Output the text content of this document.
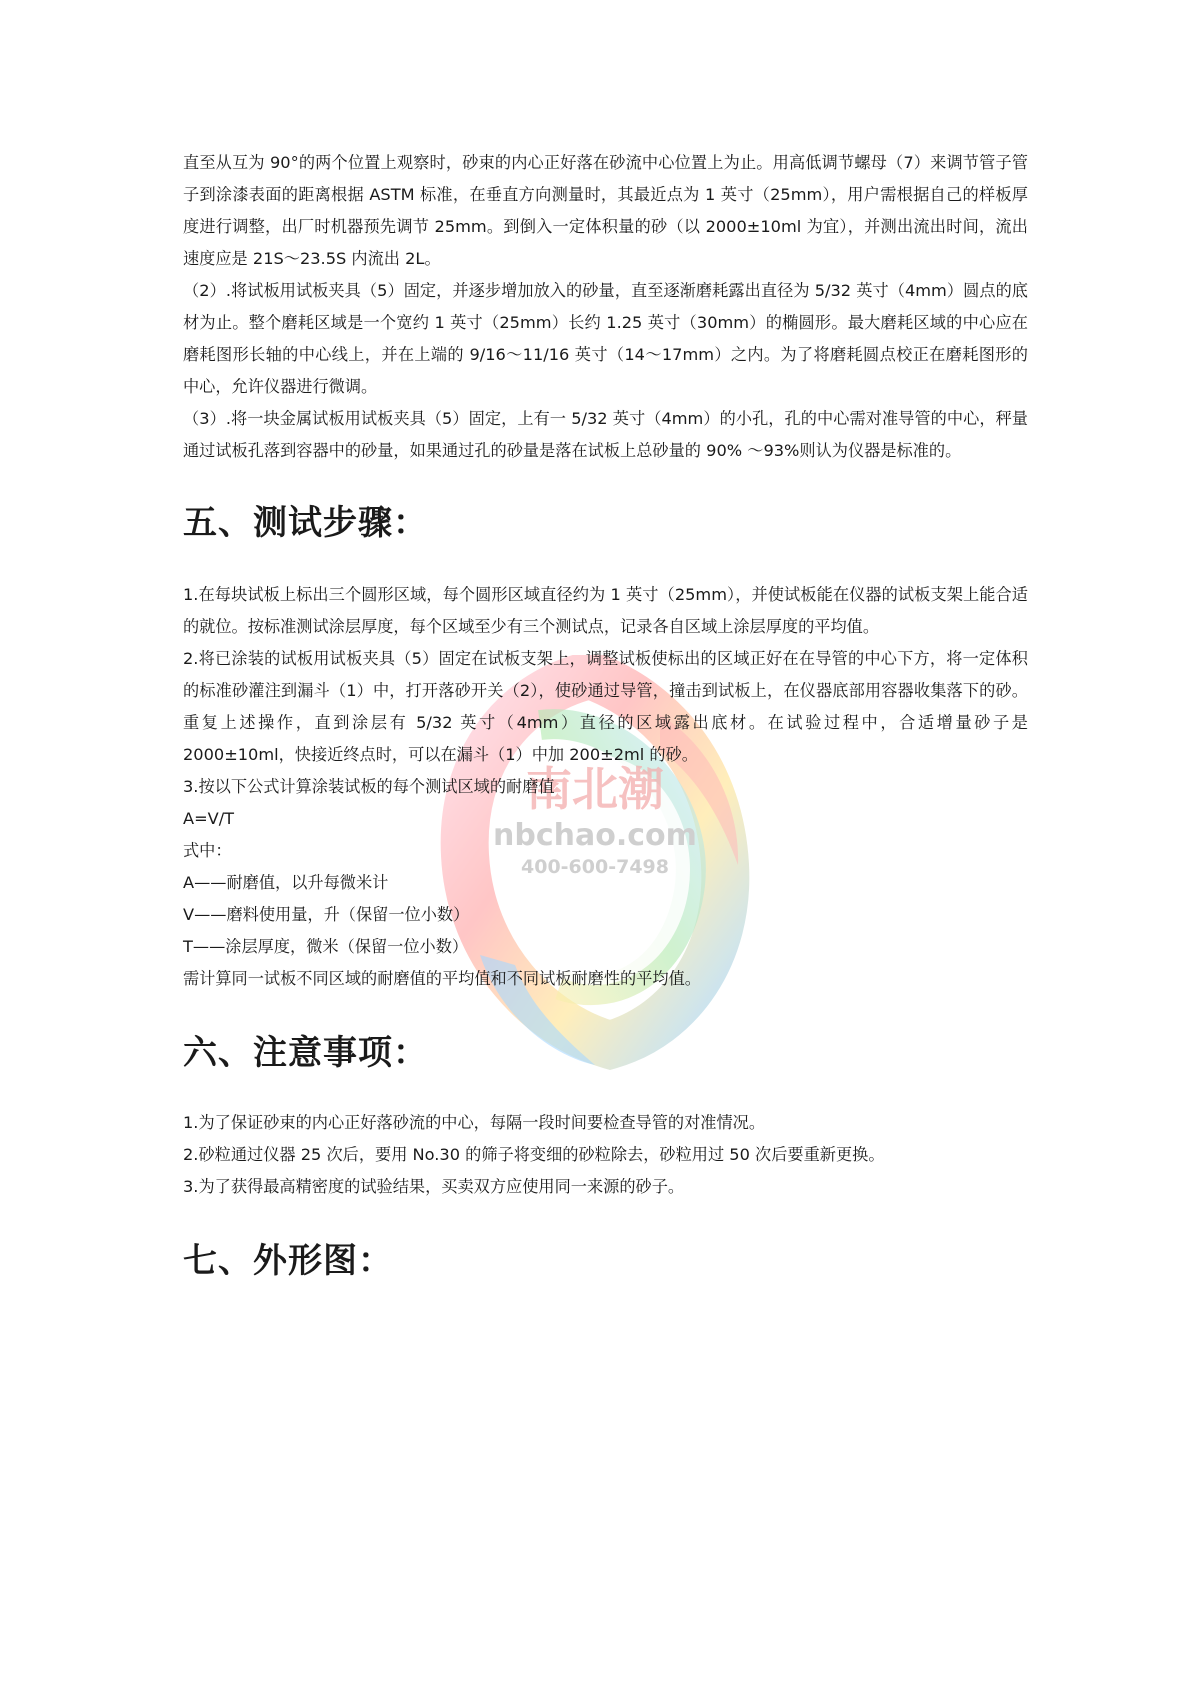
南北潮
nbchao.com
400-600-7498

直至从互为 90°的两个位置上观察时，砂束的内心正好落在砂流中心位置上为止。用高低调节螺母（7）来调节管子管子到涂漆表面的距离根据 ASTM 标准，在垂直方向测量时，其最近点为 1 英寸（25mm），用户需根据自己的样板厚度进行调整，出厂时机器预先调节 25mm。到倒入一定体积量的砂（以 2000±10ml 为宜），并测出流出时间，流出速度应是 21S～23.5S 内流出 2L。

（2）.将试板用试板夹具（5）固定，并逐步增加放入的砂量，直至逐渐磨耗露出直径为 5/32 英寸（4mm）圆点的底材为止。整个磨耗区域是一个宽约 1 英寸（25mm）长约 1.25 英寸（30mm）的椭圆形。最大磨耗区域的中心应在磨耗图形长轴的中心线上，并在上端的 9/16～11/16 英寸（14～17mm）之内。为了将磨耗圆点校正在磨耗图形的中心，允许仪器进行微调。

（3）.将一块金属试板用试板夹具（5）固定，上有一 5/32 英寸（4mm）的小孔，孔的中心需对准导管的中心，秤量通过试板孔落到容器中的砂量，如果通过孔的砂量是落在试板上总砂量的 90% ～93%则认为仪器是标准的。

五、测试步骤：

1.在每块试板上标出三个圆形区域，每个圆形区域直径约为 1 英寸（25mm），并使试板能在仪器的试板支架上能合适的就位。按标准测试涂层厚度，每个区域至少有三个测试点，记录各自区域上涂层厚度的平均值。

2.将已涂装的试板用试板夹具（5）固定在试板支架上，调整试板使标出的区域正好在在导管的中心下方，将一定体积的标准砂灌注到漏斗（1）中，打开落砂开关（2），使砂通过导管，撞击到试板上，在仪器底部用容器收集落下的砂。重复上述操作，直到涂层有 5/32 英寸（4mm）直径的区域露出底材。在试验过程中，合适增量砂子是 2000±10ml，快接近终点时，可以在漏斗（1）中加 200±2ml 的砂。

3.按以下公式计算涂装试板的每个测试区域的耐磨值

A=V/T

式中：

A——耐磨值，以升每微米计

V——磨料使用量，升（保留一位小数）

T——涂层厚度，微米（保留一位小数）

需计算同一试板不同区域的耐磨值的平均值和不同试板耐磨性的平均值。

六、注意事项：

1.为了保证砂束的内心正好落砂流的中心，每隔一段时间要检查导管的对准情况。

2.砂粒通过仪器 25 次后，要用 No.30 的筛子将变细的砂粒除去，砂粒用过 50 次后要重新更换。

3.为了获得最高精密度的试验结果，买卖双方应使用同一来源的砂子。

七、外形图：
